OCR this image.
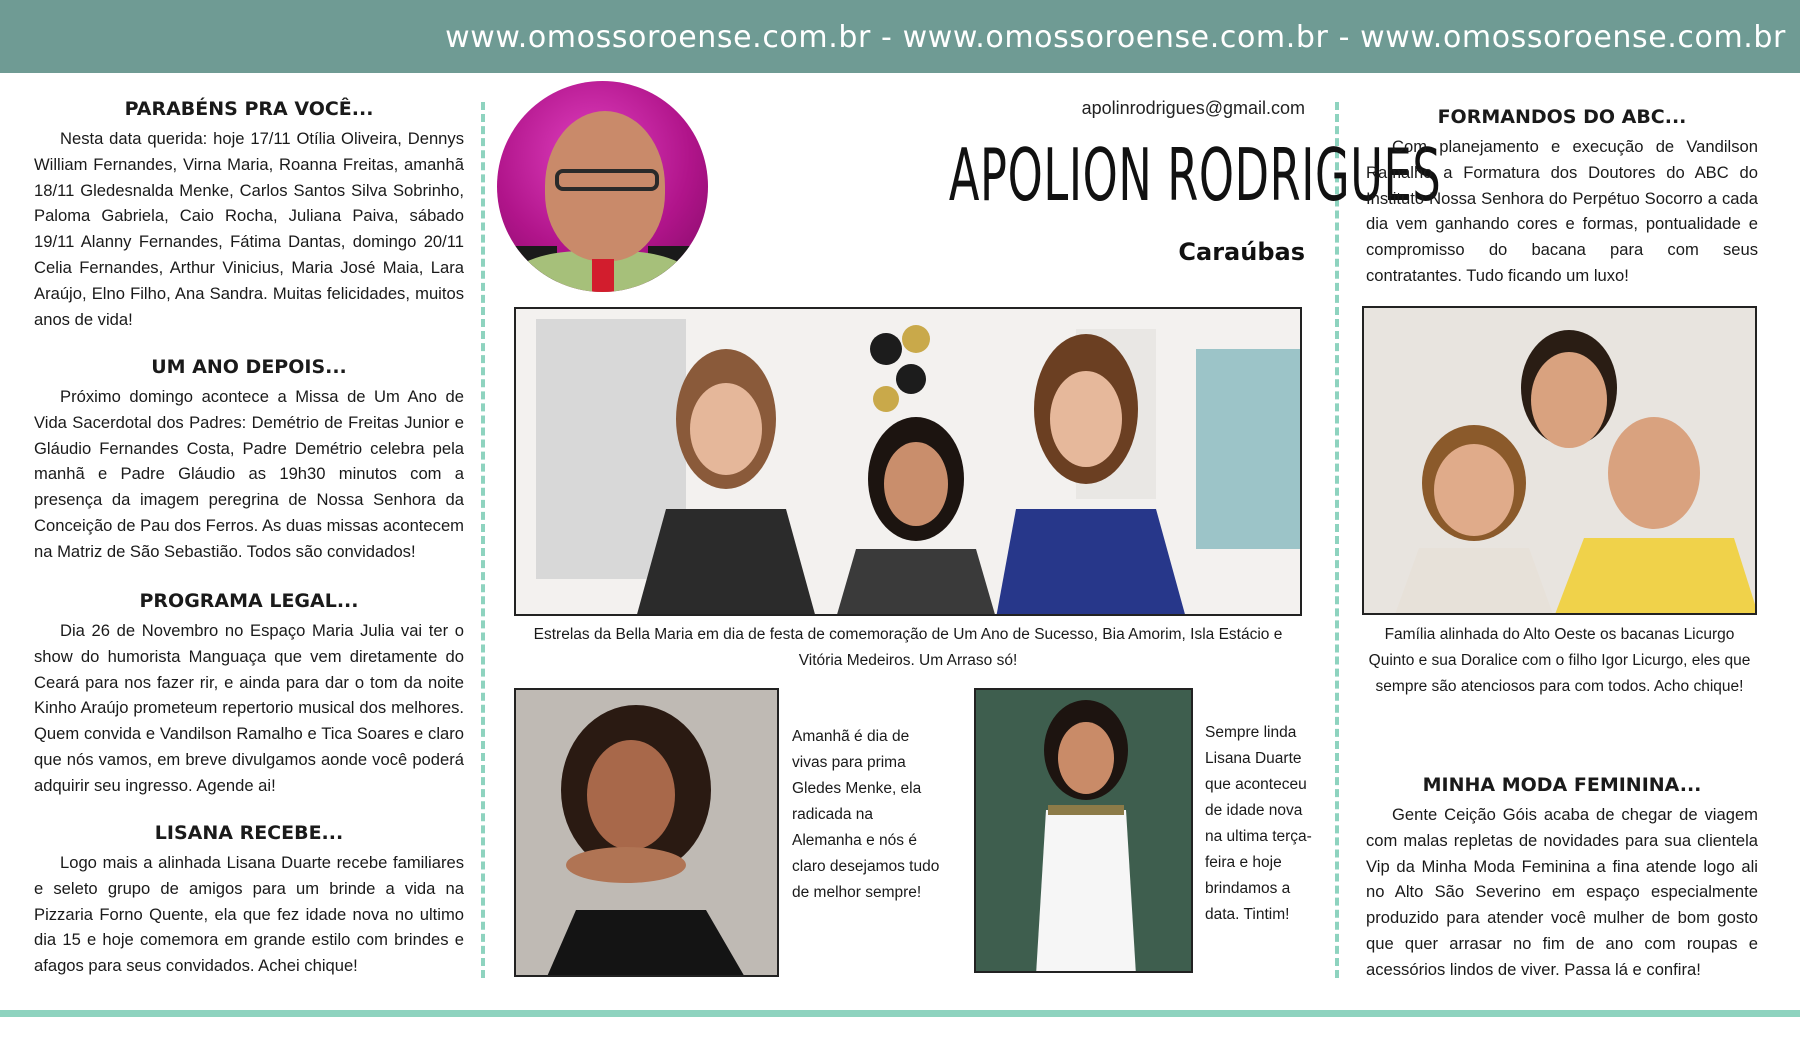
www.omossoroense.com.br - www.omossoroense.com.br - www.omossoroense.com.br
PARABÉNS PRA VOCÊ...

Nesta data querida: hoje 17/11 Otília Oliveira, Dennys William Fernandes, Virna Maria, Roanna Freitas, amanhã 18/11 Gledesnalda Menke, Carlos Santos Silva Sobrinho, Paloma Gabriela, Caio Rocha, Juliana Paiva, sábado 19/11 Alanny Fernandes, Fátima Dantas, domingo 20/11 Celia Fernandes, Arthur Vinicius, Maria José Maia, Lara Araújo, Elno Filho, Ana Sandra. Muitas felicidades, muitos anos de vida!

UM ANO DEPOIS...

Próximo domingo acontece a Missa de Um Ano de Vida Sacerdotal dos Padres: Demétrio de Freitas Junior e Gláudio Fernandes Costa, Padre Demétrio celebra pela manhã e Padre Gláudio as 19h30 minutos com a presença da imagem peregrina de Nossa Senhora da Conceição de Pau dos Ferros. As duas missas acontecem na Matriz de São Sebastião. Todos são convidados!

PROGRAMA LEGAL...

Dia 26 de Novembro no Espaço Maria Julia vai ter o show do humorista Manguaça que vem diretamente do Ceará para nos fazer rir, e ainda para dar o tom da noite Kinho Araújo prometeum repertorio musical dos melhores. Quem convida e Vandilson Ramalho e Tica Soares e claro que nós vamos, em breve divulgamos aonde você poderá adquirir seu ingresso. Agende ai!

LISANA RECEBE...

Logo mais a alinhada Lisana Duarte recebe familiares e seleto grupo de amigos para um brinde a vida na Pizzaria Forno Quente, ela que fez idade nova no ultimo dia 15 e hoje comemora em grande estilo com brindes e afagos para seus convidados. Achei chique!

apolinrodrigues@gmail.com
APOLION RODRIGUES
Caraúbas
Estrelas da Bella Maria em dia de festa de comemoração de Um Ano de Sucesso, Bia Amorim, Isla Estácio e Vitória Medeiros. Um Arraso só!
Amanhã é dia de vivas para prima Gledes Menke, ela radicada na Alemanha e nós é claro desejamos tudo de melhor sempre!
Sempre linda Lisana Duarte que aconteceu de idade nova na ultima terça-feira e hoje brindamos a data. Tintim!
FORMANDOS DO ABC...

Com planejamento e execução de Vandilson Ramalho a Formatura dos Doutores do ABC do Instituto Nossa Senhora do Perpétuo Socorro a cada dia vem ganhando cores e formas, pontualidade e compromisso do bacana para com seus contratantes. Tudo ficando um luxo!

Família alinhada do Alto Oeste os bacanas Licurgo Quinto e sua Doralice com o filho Igor Licurgo, eles que sempre são atenciosos para com todos. Acho chique!
MINHA MODA FEMININA...

Gente Ceição Góis acaba de chegar de viagem com malas repletas de novidades para sua clientela Vip da Minha Moda Feminina a fina atende logo ali no Alto São Severino em espaço especialmente produzido para atender você mulher de bom gosto que quer arrasar no fim de ano com roupas e acessórios lindos de viver. Passa lá e confira!
